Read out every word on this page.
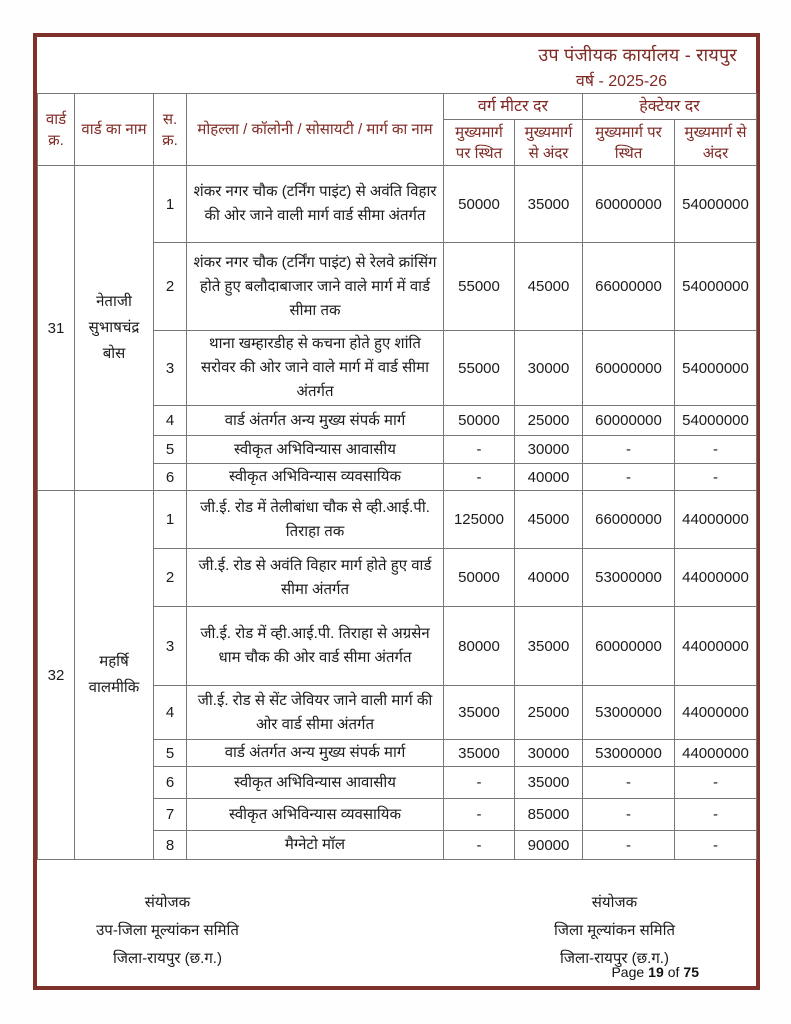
उप पंजीयक कार्यालय - रायपुर
वर्ष - 2025-26
वार्ड क्र.	वार्ड का नाम	स. क्र.	मोहल्ला / कॉलोनी / सोसायटी / मार्ग का नाम	वर्ग मीटर दर		हेक्टेयर दर	
				मुख्यमार्ग पर स्थित	मुख्यमार्ग से अंदर	मुख्यमार्ग पर स्थित	मुख्यमार्ग से अंदर
31	नेताजी सुभाषचंद्र बोस	1	शंकर नगर चौक (टर्निंग पाइंट) से अवंति विहार की ओर जाने वाली मार्ग वार्ड सीमा अंतर्गत	50000	35000	60000000	54000000
		2	शंकर नगर चौक (टर्निंग पाइंट) से रेलवे क्रांसिंग होते हुए बलौदाबाजार जाने वाले मार्ग में वार्ड सीमा तक	55000	45000	66000000	54000000
		3	थाना खम्हारडीह से कचना होते हुए शांति सरोवर की ओर जाने वाले मार्ग में वार्ड सीमा अंतर्गत	55000	30000	60000000	54000000
		4	वार्ड अंतर्गत अन्य मुख्य संपर्क मार्ग	50000	25000	60000000	54000000
		5	स्वीकृत अभिविन्यास आवासीय	-	30000	-	-
		6	स्वीकृत अभिविन्यास व्यवसायिक	-	40000	-	-
32	महर्षि वालमीकि	1	जी.ई. रोड में तेलीबांधा चौक से व्ही.आई.पी. तिराहा तक	125000	45000	66000000	44000000
		2	जी.ई. रोड से अवंति विहार मार्ग होते हुए वार्ड सीमा अंतर्गत	50000	40000	53000000	44000000
		3	जी.ई. रोड में व्ही.आई.पी. तिराहा से अग्रसेन धाम चौक की ओर वार्ड सीमा अंतर्गत	80000	35000	60000000	44000000
		4	जी.ई. रोड से सेंट जेवियर जाने वाली मार्ग की ओर वार्ड सीमा अंतर्गत	35000	25000	53000000	44000000
		5	वार्ड अंतर्गत अन्य मुख्य संपर्क मार्ग	35000	30000	53000000	44000000
		6	स्वीकृत अभिविन्यास आवासीय	-	35000	-	-
		7	स्वीकृत अभिविन्यास व्यवसायिक	-	85000	-	-
		8	मैग्नेटो मॉल	-	90000	-	-
संयोजक
उप-जिला मूल्यांकन समिति
जिला-रायपुर (छ.ग.)
संयोजक
जिला मूल्यांकन समिति
जिला-रायपुर (छ.ग.)
Page 19 of 75
